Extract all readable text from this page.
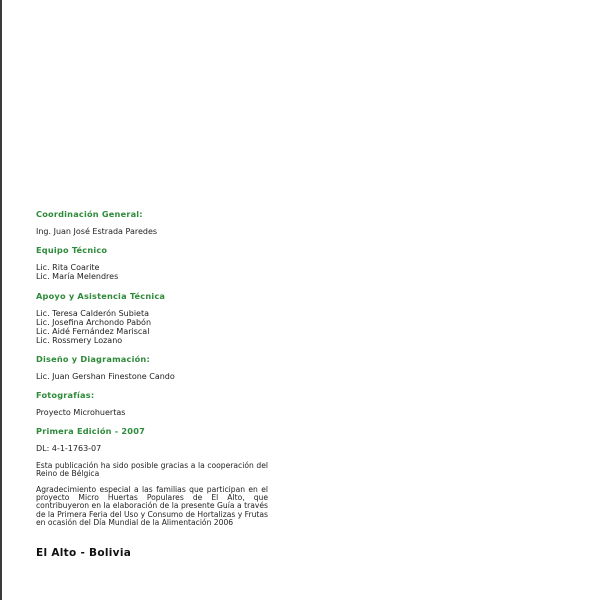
Coordinación General:
Ing. Juan José Estrada Paredes
Equipo Técnico
Lic. Rita Coarite
Lic. María Melendres
Apoyo y Asistencia Técnica
Lic. Teresa Calderón Subieta
Lic. Josefina Archondo Pabón
Lic. Aidé Fernández Mariscal
Lic. Rossmery Lozano
Diseño y Diagramación:
Lic. Juan Gershan Finestone Cando
Fotografías:
Proyecto Microhuertas
Primera Edición - 2007
DL: 4-1-1763-07
Esta publicación ha sido posible gracias a la cooperación del Reino de Bélgica
Agradecimiento especial a las familias que participan en el proyecto Micro Huertas Populares de El Alto, que contribuyeron en la elaboración de la presente Guía a través de la Primera Feria del Uso y Consumo de Hortalizas y Frutas en ocasión del Día Mundial de la Alimentación 2006
El Alto - Bolivia
